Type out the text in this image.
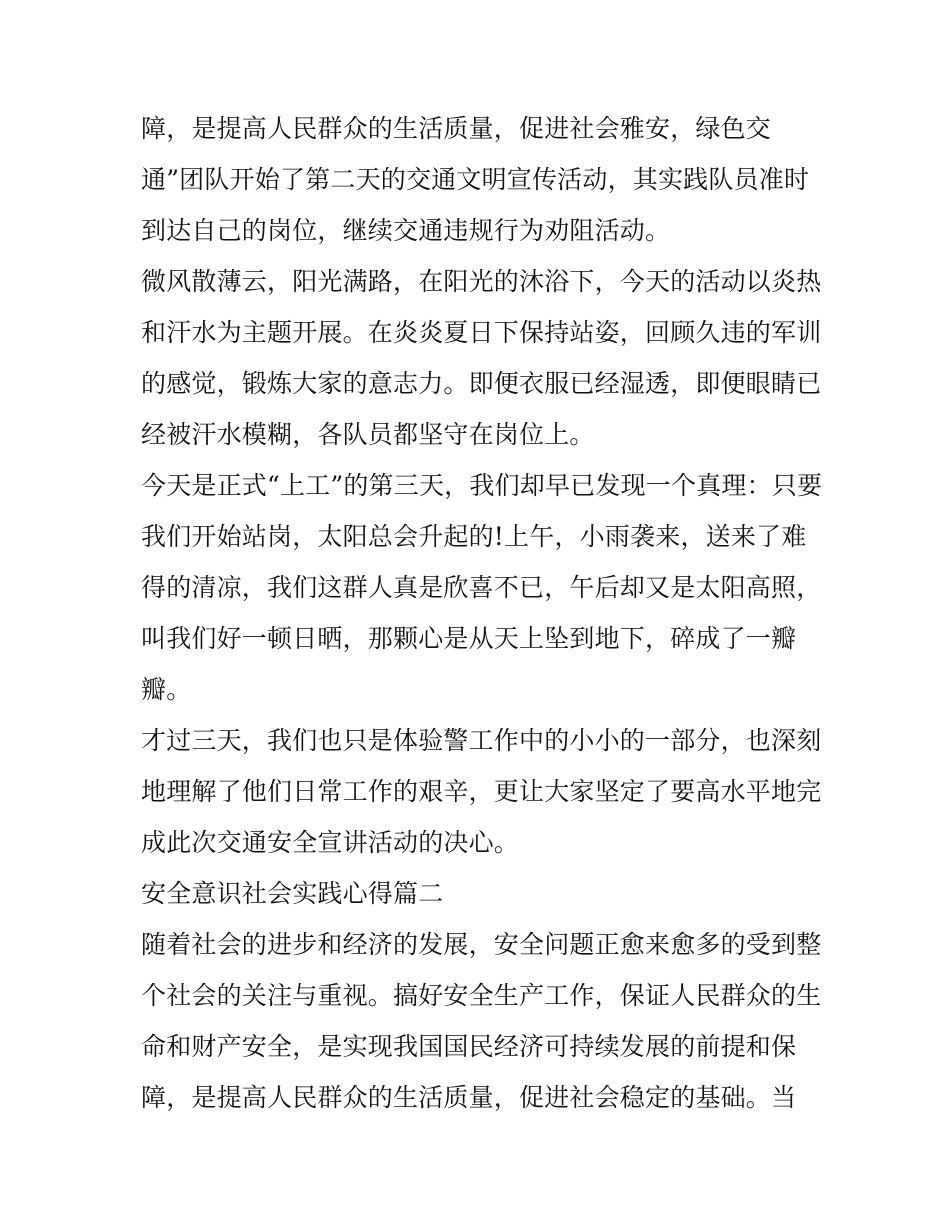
障，是提高人民群众的生活质量，促进社会雅安，绿色交
通”团队开始了第二天的交通文明宣传活动，其实践队员准时
到达自己的岗位，继续交通违规行为劝阻活动。
微风散薄云，阳光满路，在阳光的沐浴下，今天的活动以炎热
和汗水为主题开展。在炎炎夏日下保持站姿，回顾久违的军训
的感觉，锻炼大家的意志力。即便衣服已经湿透，即便眼睛已
经被汗水模糊，各队员都坚守在岗位上。
今天是正式“上工”的第三天，我们却早已发现一个真理：只要
我们开始站岗，太阳总会升起的!上午，小雨袭来，送来了难
得的清凉，我们这群人真是欣喜不已，午后却又是太阳高照，
叫我们好一顿日晒，那颗心是从天上坠到地下，碎成了一瓣
瓣。
才过三天，我们也只是体验警工作中的小小的一部分，也深刻
地理解了他们日常工作的艰辛，更让大家坚定了要高水平地完
成此次交通安全宣讲活动的决心。
安全意识社会实践心得篇二
随着社会的进步和经济的发展，安全问题正愈来愈多的受到整
个社会的关注与重视。搞好安全生产工作，保证人民群众的生
命和财产安全，是实现我国国民经济可持续发展的前提和保
障，是提高人民群众的生活质量，促进社会稳定的基础。当
